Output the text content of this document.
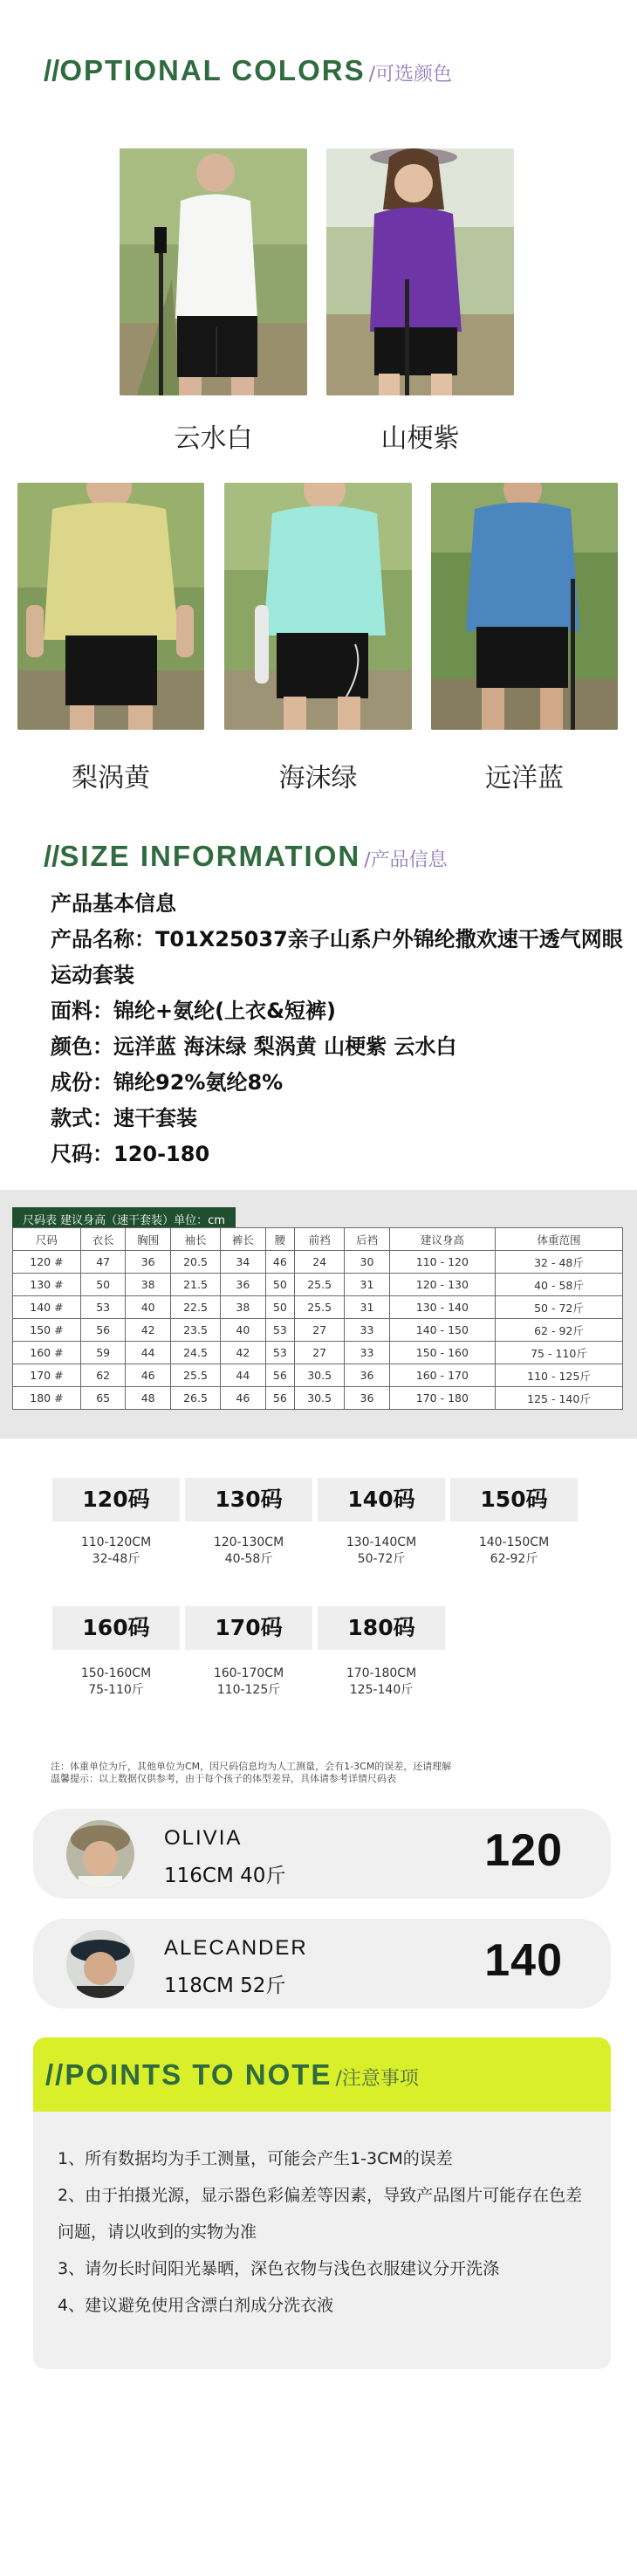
// OPTIONAL COLORS /可选颜色
云水白	山梗紫
梨涡黄	海沫绿	远洋蓝
// SIZE INFORMATION /产品信息
产品基本信息
产品名称：T01X25037亲子山系户外锦纶撒欢速干透气网眼运动套装
面料：锦纶+氨纶(上衣&短裤)
颜色：远洋蓝 海沫绿 梨涡黄 山梗紫 云水白
成份：锦纶92%氨纶8%
款式：速干套装
尺码：120-180
尺码表 建议身高（速干套装）单位：cm
尺码	衣长	胸围	袖长	裤长	腰	前裆	后裆	建议身高	体重范围
120 #	47	36	20.5	34	46	24	30	110 - 120	32 - 48斤
130 #	50	38	21.5	36	50	25.5	31	120 - 130	40 - 58斤
140 #	53	40	22.5	38	50	25.5	31	130 - 140	50 - 72斤
150 #	56	42	23.5	40	53	27	33	140 - 150	62 - 92斤
160 #	59	44	24.5	42	53	27	33	150 - 160	75 - 110斤
170 #	62	46	25.5	44	56	30.5	36	160 - 170	110 - 125斤
180 #	65	48	26.5	46	56	30.5	36	170 - 180	125 - 140斤
120码
110-120CM
32-48斤
130码
120-130CM
40-58斤
140码
130-140CM
50-72斤
150码
140-150CM
62-92斤
160码
150-160CM
75-110斤
170码
160-170CM
110-125斤
180码
170-180CM
125-140斤
注：体重单位为斤，其他单位为CM，因尺码信息均为人工测量，会有1-3CM的误差，还请理解
温馨提示：以上数据仅供参考，由于每个孩子的体型差异，具体请参考详情尺码表
OLIVIA
116CM 40斤	120
ALECANDER
118CM 52斤	140
// POINTS TO NOTE /注意事项
1、所有数据均为手工测量，可能会产生1-3CM的误差
2、由于拍摄光源，显示器色彩偏差等因素，导致产品图片可能存在色差问题，请以收到的实物为准
3、请勿长时间阳光暴晒，深色衣物与浅色衣服建议分开洗涤
4、建议避免使用含漂白剂成分洗衣液
